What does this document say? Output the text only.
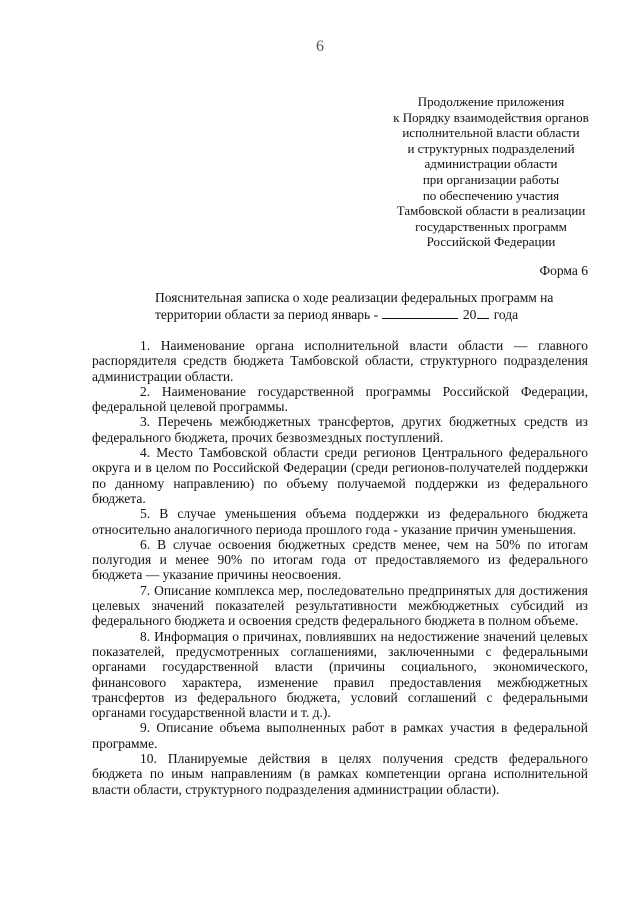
6
Продолжение приложения
к Порядку взаимодействия органов
исполнительной власти области
и структурных подразделений
администрации области
при организации работы
по обеспечению участия
Тамбовской области в реализации
государственных программ
Российской Федерации
Форма 6
Пояснительная записка о ходе реализации федеральных программ на
территории области за период январь -	20 года

1. Наименование органа исполнительной власти области — главного распорядителя средств бюджета Тамбовской области, структурного подразделения администрации области.

2. Наименование государственной программы Российской Федерации, федеральной целевой программы.

3. Перечень межбюджетных трансфертов, других бюджетных средств из федерального бюджета, прочих безвозмездных поступлений.

4. Место Тамбовской области среди регионов Центрального федерального округа и в целом по Российской Федерации (среди регионов-получателей поддержки по данному направлению) по объему получаемой поддержки из федерального бюджета.

5. В случае уменьшения объема поддержки из федерального бюджета относительно аналогичного периода прошлого года - указание причин уменьшения.

6. В случае освоения бюджетных средств менее, чем на 50% по итогам полугодия и менее 90% по итогам года от предоставляемого из федерального бюджета — указание причины неосвоения.

7. Описание комплекса мер, последовательно предпринятых для достижения целевых значений показателей результативности межбюджетных субсидий из федерального бюджета и освоения средств федерального бюджета в полном объеме.

8. Информация о причинах, повлиявших на недостижение значений целевых показателей, предусмотренных соглашениями, заключенными с федеральными органами государственной власти (причины социального, экономического, финансового характера, изменение правил предоставления межбюджетных трансфертов из федерального бюджета, условий соглашений с федеральными органами государственной власти и т. д.).

9. Описание объема выполненных работ в рамках участия в федеральной программе.

10. Планируемые действия в целях получения средств федерального бюджета по иным направлениям (в рамках компетенции органа исполнительной власти области, структурного подразделения администрации области).
